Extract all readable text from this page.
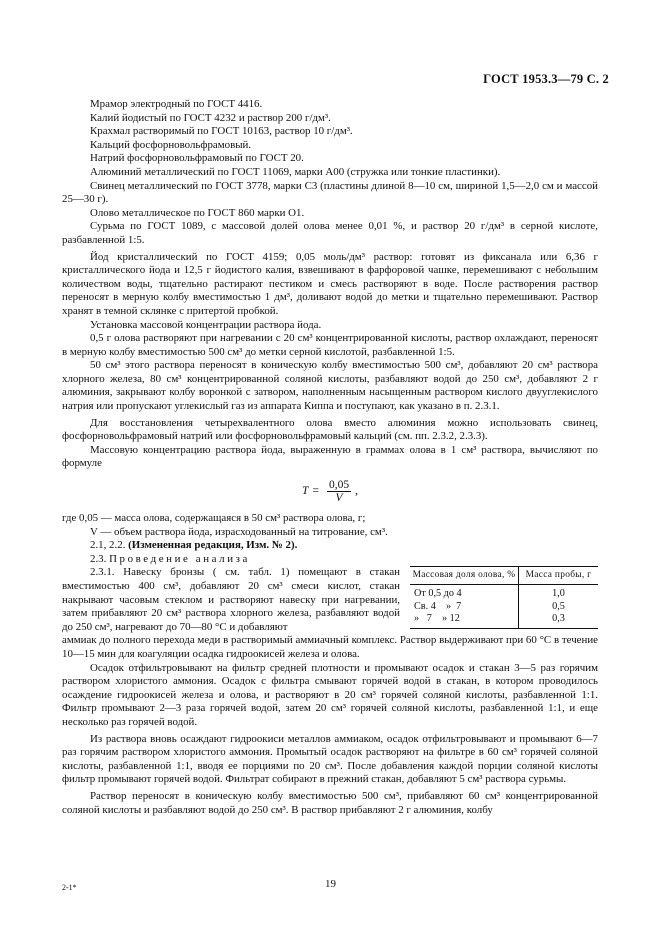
ГОСТ 1953.3—79 С. 2

Мрамор электродный по ГОСТ 4416.

Калий йодистый по ГОСТ 4232 и раствор 200 г/дм³.

Крахмал растворимый по ГОСТ 10163, раствор 10 г/дм³.

Кальций фосфорновольфрамовый.

Натрий фосфорновольфрамовый по ГОСТ 20.

Алюминий металлический по ГОСТ 11069, марки А00 (стружка или тонкие пластинки).

Свинец металлический по ГОСТ 3778, марки С3 (пластины длиной 8—10 см, шириной 1,5—2,0 см и массой 25—30 г).

Олово металлическое по ГОСТ 860 марки О1.

Сурьма по ГОСТ 1089, с массовой долей олова менее 0,01 %, и раствор 20 г/дм³ в серной кислоте, разбавленной 1:5.

Йод кристаллический по ГОСТ 4159; 0,05 моль/дм³ раствор: готовят из фиксанала или 6,36 г кристаллического йода и 12,5 г йодистого калия, взвешивают в фарфоровой чашке, перемешивают с небольшим количеством воды, тщательно растирают пестиком и смесь растворяют в воде. После растворения раствор переносят в мерную колбу вместимостью 1 дм³, доливают водой до метки и тщательно перемешивают. Раствор хранят в темной склянке с притертой пробкой.

Установка массовой концентрации раствора йода.

0,5 г олова растворяют при нагревании с 20 см³ концентрированной кислоты, раствор охлаждают, переносят в мерную колбу вместимостью 500 см³ до метки серной кислотой, разбавленной 1:5.

50 см³ этого раствора переносят в коническую колбу вместимостью 500 см³, добавляют 20 см³ раствора хлорного железа, 80 см³ концентрированной соляной кислоты, разбавляют водой до 250 см³, добавляют 2 г алюминия, закрывают колбу воронкой с затвором, наполненным насыщенным раствором кислого двууглекислого натрия или пропускают углекислый газ из аппарата Киппа и поступают, как указано в п. 2.3.1.

Для восстановления четырехвалентного олова вместо алюминия можно использовать свинец, фосфорновольфрамовый натрий или фосфорновольфрамовый кальций (см. пп. 2.3.2, 2.3.3).

Массовую концентрацию раствора йода, выраженную в граммах олова в 1 см³ раствора, вычисляют по формуле

$T = \frac{0,05}{V}$ ,

где 0,05 — масса олова, содержащаяся в 50 см³ раствора олова, г;

V — объем раствора йода, израсходованный на титрование, см³.

2.1, 2.2. (Измененная редакция, Изм. № 2).

2.3. Проведение анализа

2.3.1. Навеску бронзы ( см. табл. 1) помещают в стакан вместимостью 400 см³, добавляют 20 см³ смеси кислот, стакан накрывают часовым стеклом и растворяют навеску при нагревании, затем прибавляют 20 см³ раствора хлорного железа, разбавляют водой до 250 см³, нагревают до 70—80 °С и добавляют

Массовая доля олова, %	Масса пробы, г
От 0,5 до 4	1,0
Св. 4    »  7	0,5
»   7    » 12	0,3

аммиак до полного перехода меди в растворимый аммиачный комплекс. Раствор выдерживают при 60 °С в течение 10—15 мин для коагуляции осадка гидроокисей железа и олова.

Осадок отфильтровывают на фильтр средней плотности и промывают осадок и стакан 3—5 раз горячим раствором хлористого аммония. Осадок с фильтра смывают горячей водой в стакан, в котором проводилось осаждение гидроокисей железа и олова, и растворяют в 20 см³ горячей соляной кислоты, разбавленной 1:1. Фильтр промывают 2—3 раза горячей водой, затем 20 см³ горячей соляной кислоты, разбавленной 1:1, и еще несколько раз горячей водой.

Из раствора вновь осаждают гидроокиси металлов аммиаком, осадок отфильтровывают и промывают 6—7 раз горячим раствором хлористого аммония. Промытый осадок растворяют на фильтре в 60 см³ горячей соляной кислоты, разбавленной 1:1, вводя ее порциями по 20 см³. После добавления каждой порции соляной кислоты фильтр промывают горячей водой. Фильтрат собирают в прежний стакан, добавляют 5 см³ раствора сурьмы.

Раствор переносят в коническую колбу вместимостью 500 см³, прибавляют 60 см³ концентрированной соляной кислоты и разбавляют водой до 250 см³. В раствор прибавляют 2 г алюминия, колбу

2-1*	19
